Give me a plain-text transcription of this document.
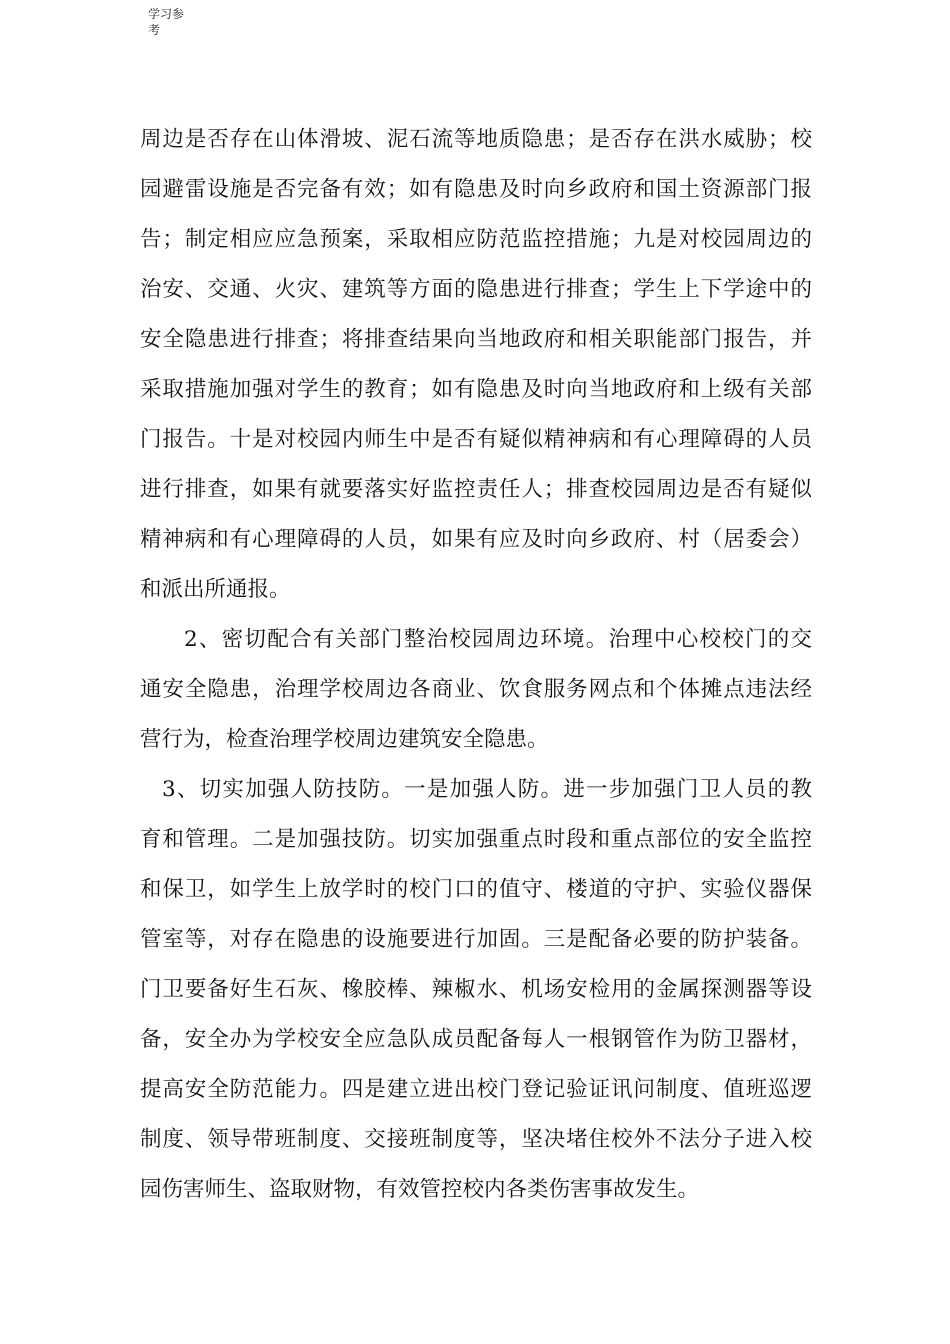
学习参考
周边是否存在山体滑坡、泥石流等地质隐患；是否存在洪水威胁；校
园避雷设施是否完备有效；如有隐患及时向乡政府和国土资源部门报
告；制定相应应急预案，采取相应防范监控措施；九是对校园周边的
治安、交通、火灾、建筑等方面的隐患进行排查；学生上下学途中的
安全隐患进行排查；将排查结果向当地政府和相关职能部门报告，并
采取措施加强对学生的教育；如有隐患及时向当地政府和上级有关部
门报告。十是对校园内师生中是否有疑似精神病和有心理障碍的人员
进行排查，如果有就要落实好监控责任人；排查校园周边是否有疑似
精神病和有心理障碍的人员，如果有应及时向乡政府、村（居委会）
和派出所通报。
2、密切配合有关部门整治校园周边环境。治理中心校校门的交
通安全隐患，治理学校周边各商业、饮食服务网点和个体摊点违法经
营行为，检查治理学校周边建筑安全隐患。
3、切实加强人防技防。一是加强人防。进一步加强门卫人员的教
育和管理。二是加强技防。切实加强重点时段和重点部位的安全监控
和保卫，如学生上放学时的校门口的值守、楼道的守护、实验仪器保
管室等，对存在隐患的设施要进行加固。三是配备必要的防护装备。
门卫要备好生石灰、橡胶棒、辣椒水、机场安检用的金属探测器等设
备，安全办为学校安全应急队成员配备每人一根钢管作为防卫器材，
提高安全防范能力。四是建立进出校门登记验证讯问制度、值班巡逻
制度、领导带班制度、交接班制度等，坚决堵住校外不法分子进入校
园伤害师生、盗取财物，有效管控校内各类伤害事故发生。
